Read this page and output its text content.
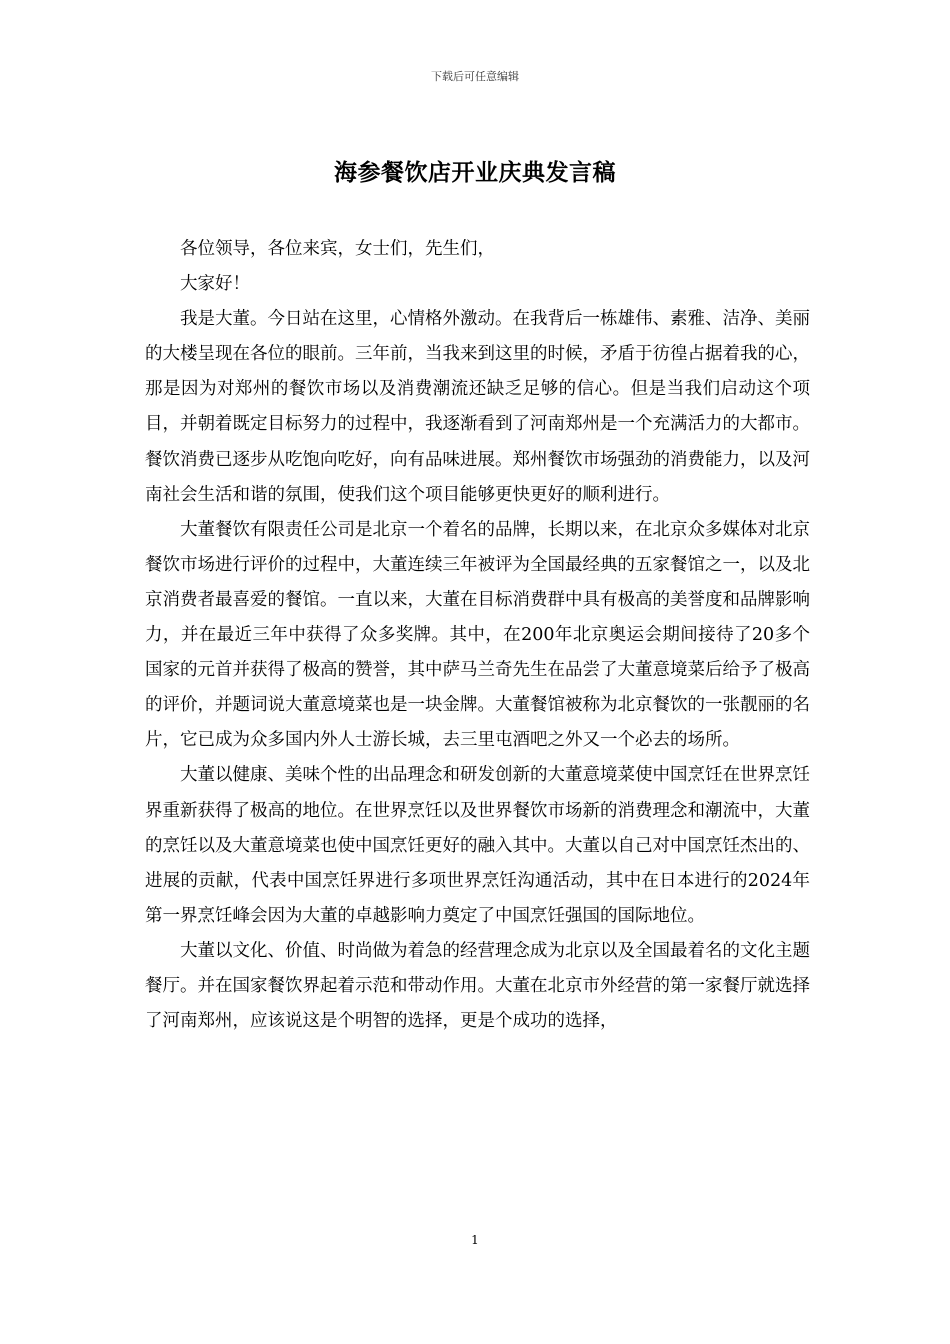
下载后可任意编辑
海参餐饮店开业庆典发言稿

各位领导，各位来宾，女士们，先生们，

大家好！

我是大董。今日站在这里，心情格外激动。在我背后一栋雄伟、素雅、洁净、美丽的大楼呈现在各位的眼前。三年前，当我来到这里的时候，矛盾于彷徨占据着我的心，那是因为对郑州的餐饮市场以及消费潮流还缺乏足够的信心。但是当我们启动这个项目，并朝着既定目标努力的过程中，我逐渐看到了河南郑州是一个充满活力的大都市。餐饮消费已逐步从吃饱向吃好，向有品味进展。郑州餐饮市场强劲的消费能力，以及河南社会生活和谐的氛围，使我们这个项目能够更快更好的顺利进行。

大董餐饮有限责任公司是北京一个着名的品牌，长期以来，在北京众多媒体对北京餐饮市场进行评价的过程中，大董连续三年被评为全国最经典的五家餐馆之一，以及北京消费者最喜爱的餐馆。一直以来，大董在目标消费群中具有极高的美誉度和品牌影响力，并在最近三年中获得了众多奖牌。其中，在200年北京奥运会期间接待了20多个国家的元首并获得了极高的赞誉，其中萨马兰奇先生在品尝了大董意境菜后给予了极高的评价，并题词说大董意境菜也是一块金牌。大董餐馆被称为北京餐饮的一张靓丽的名片，它已成为众多国内外人士游长城，去三里屯酒吧之外又一个必去的场所。

大董以健康、美味个性的出品理念和研发创新的大董意境菜使中国烹饪在世界烹饪界重新获得了极高的地位。在世界烹饪以及世界餐饮市场新的消费理念和潮流中，大董的烹饪以及大董意境菜也使中国烹饪更好的融入其中。大董以自己对中国烹饪杰出的、进展的贡献，代表中国烹饪界进行多项世界烹饪沟通活动，其中在日本进行的2024年第一界烹饪峰会因为大董的卓越影响力奠定了中国烹饪强国的国际地位。

大董以文化、价值、时尚做为着急的经营理念成为北京以及全国最着名的文化主题餐厅。并在国家餐饮界起着示范和带动作用。大董在北京市外经营的第一家餐厅就选择了河南郑州，应该说这是个明智的选择，更是个成功的选择，

1
